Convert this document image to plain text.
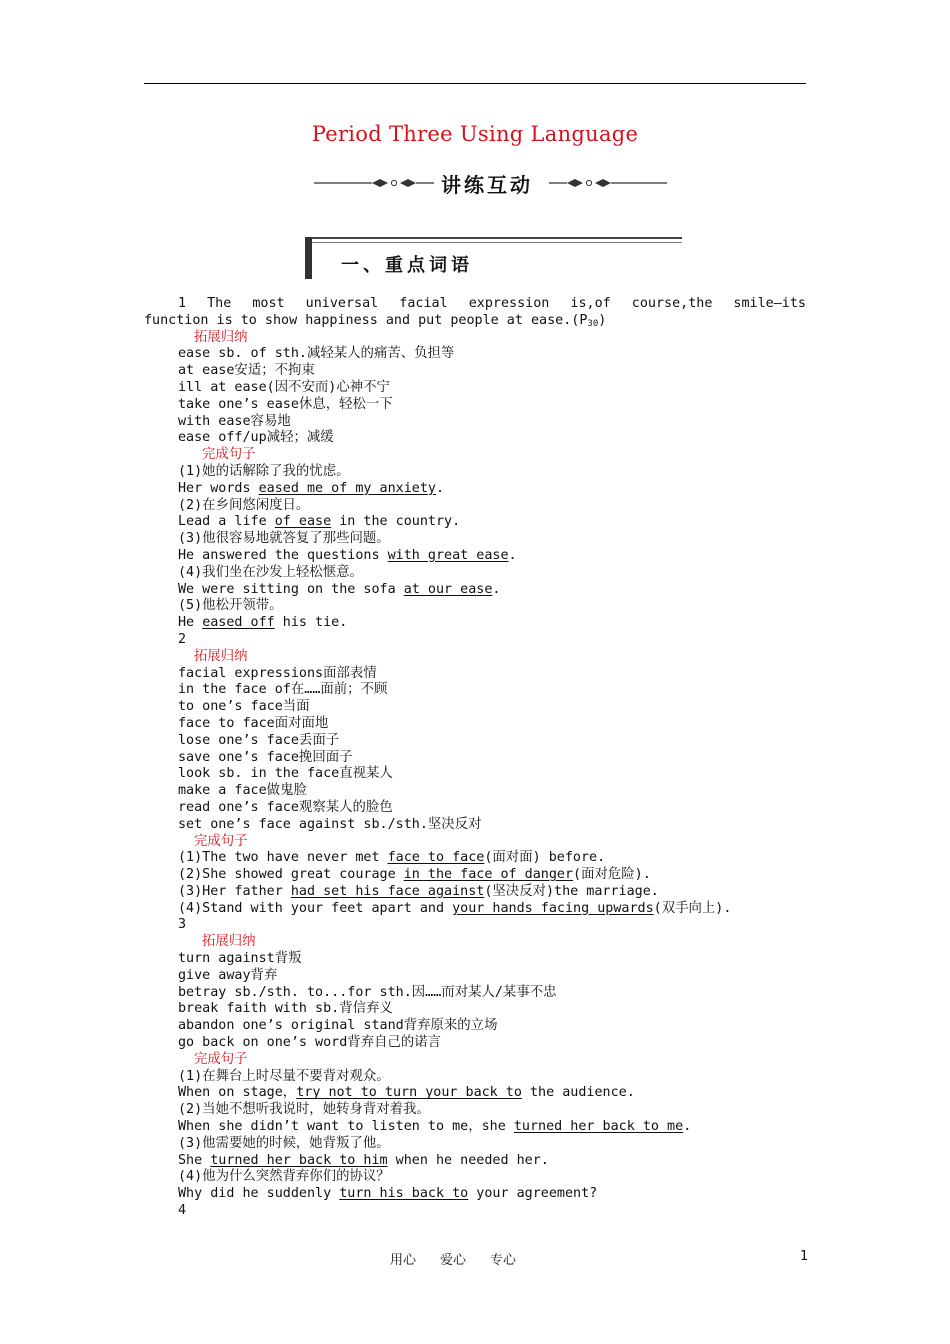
Period Three Using Language
讲练互动
一、重点词语
1 The most universal facial expression is,of course,the smile—its
function is to show happiness and put people at $ease.(P_{30})$
拓展归纳
ease sb. of sth.减轻某人的痛苦、负担等
at ease安适；不拘束
ill at ease(因不安而)心神不宁
take one’s ease休息，轻松一下
with ease容易地
ease off/up减轻；减缓
完成句子
(1)她的话解除了我的忧虑。
Her words eased me of my anxiety.
(2)在乡间悠闲度日。
Lead a life of ease in the country.
(3)他很容易地就答复了那些问题。
He answered the questions with great ease.
(4)我们坐在沙发上轻松惬意。
We were sitting on the sofa at our ease.
(5)他松开领带。
He eased off his tie.
2
拓展归纳
facial expressions面部表情
in the face of在……面前；不顾
to one’s face当面
face to face面对面地
lose one’s face丢面子
save one’s face挽回面子
look sb. in the face直视某人
make a face做鬼脸
read one’s face观察某人的脸色
set one’s face against sb./sth.坚决反对
完成句子
(1)The two have never met face to face(面对面) before.
(2)She showed great courage in the face of danger(面对危险).
(3)Her father had set his face against(坚决反对)the marriage.
(4)Stand with your feet apart and your hands facing upwards(双手向上).
3
拓展归纳
turn against背叛
give away背弃
betray sb./sth. to...for sth.因……而对某人/某事不忠
break faith with sb.背信弃义
abandon one’s original stand背弃原来的立场
go back on one’s word背弃自己的诺言
完成句子
(1)在舞台上时尽量不要背对观众。
When on stage，try not to turn your back to the audience.
(2)当她不想听我说时，她转身背对着我。
When she didn’t want to listen to me，she turned her back to me.
(3)他需要她的时候，她背叛了他。
She turned her back to him when he needed her.
(4)他为什么突然背弃你们的协议？
Why did he suddenly turn his back to your agreement?
4
用心 爱心 专心	1
